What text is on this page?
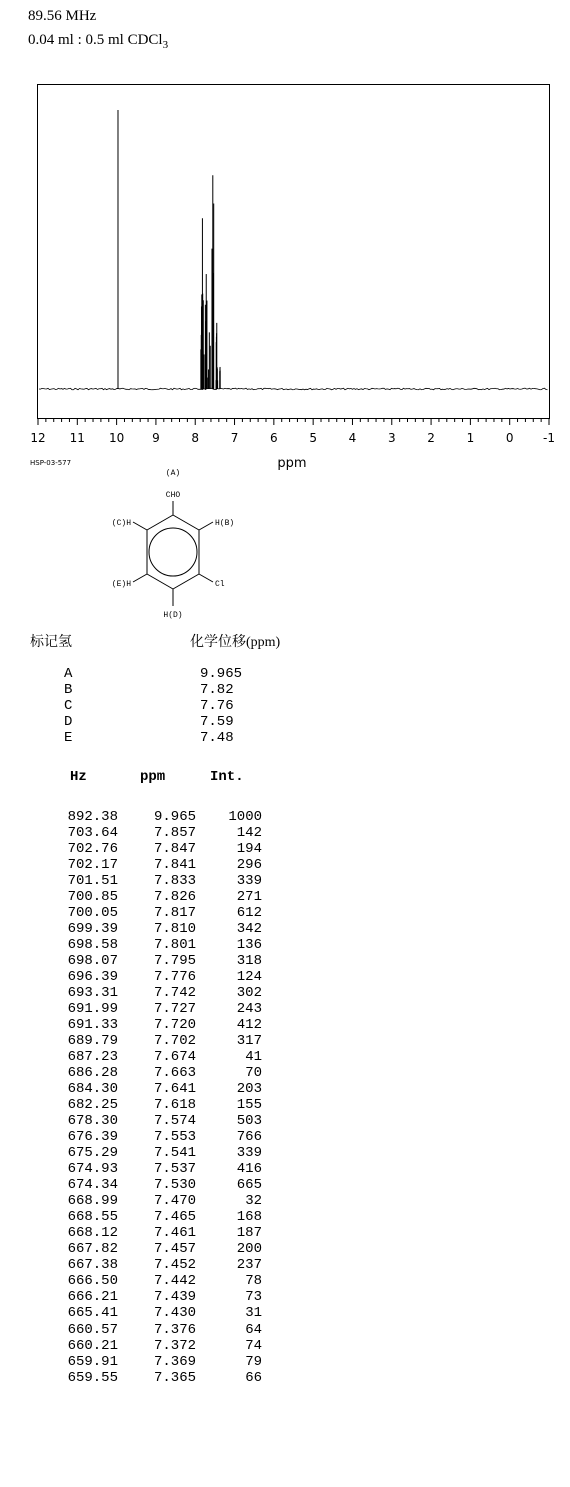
89.56 MHz
0.04 ml : 0.5 ml CDCl$_3$
12 11 10 9	8	7	6	5	4	3	2	1	0 -1
ppm
HSP-03-577
(A)
CHO
(C)H	H(B)
(E)H	Cl
H(D)
标记氢	化学位移(ppm)
A	9.965
B	7.82
C	7.76
D	7.59
E	7.48
Hz	ppm	Int.
892.38	9.965	1000
703.64	7.857	142
702.76	7.847	194
702.17	7.841	296
701.51	7.833	339
700.85	7.826	271
700.05	7.817	612
699.39	7.810	342
698.58	7.801	136
698.07	7.795	318
696.39	7.776	124
693.31	7.742	302
691.99	7.727	243
691.33	7.720	412
689.79	7.702	317
687.23	7.674	41
686.28	7.663	70
684.30	7.641	203
682.25	7.618	155
678.30	7.574	503
676.39	7.553	766
675.29	7.541	339
674.93	7.537	416
674.34	7.530	665
668.99	7.470	32
668.55	7.465	168
668.12	7.461	187
667.82	7.457	200
667.38	7.452	237
666.50	7.442	78
666.21	7.439	73
665.41	7.430	31
660.57	7.376	64
660.21	7.372	74
659.91	7.369	79
659.55	7.365	66
